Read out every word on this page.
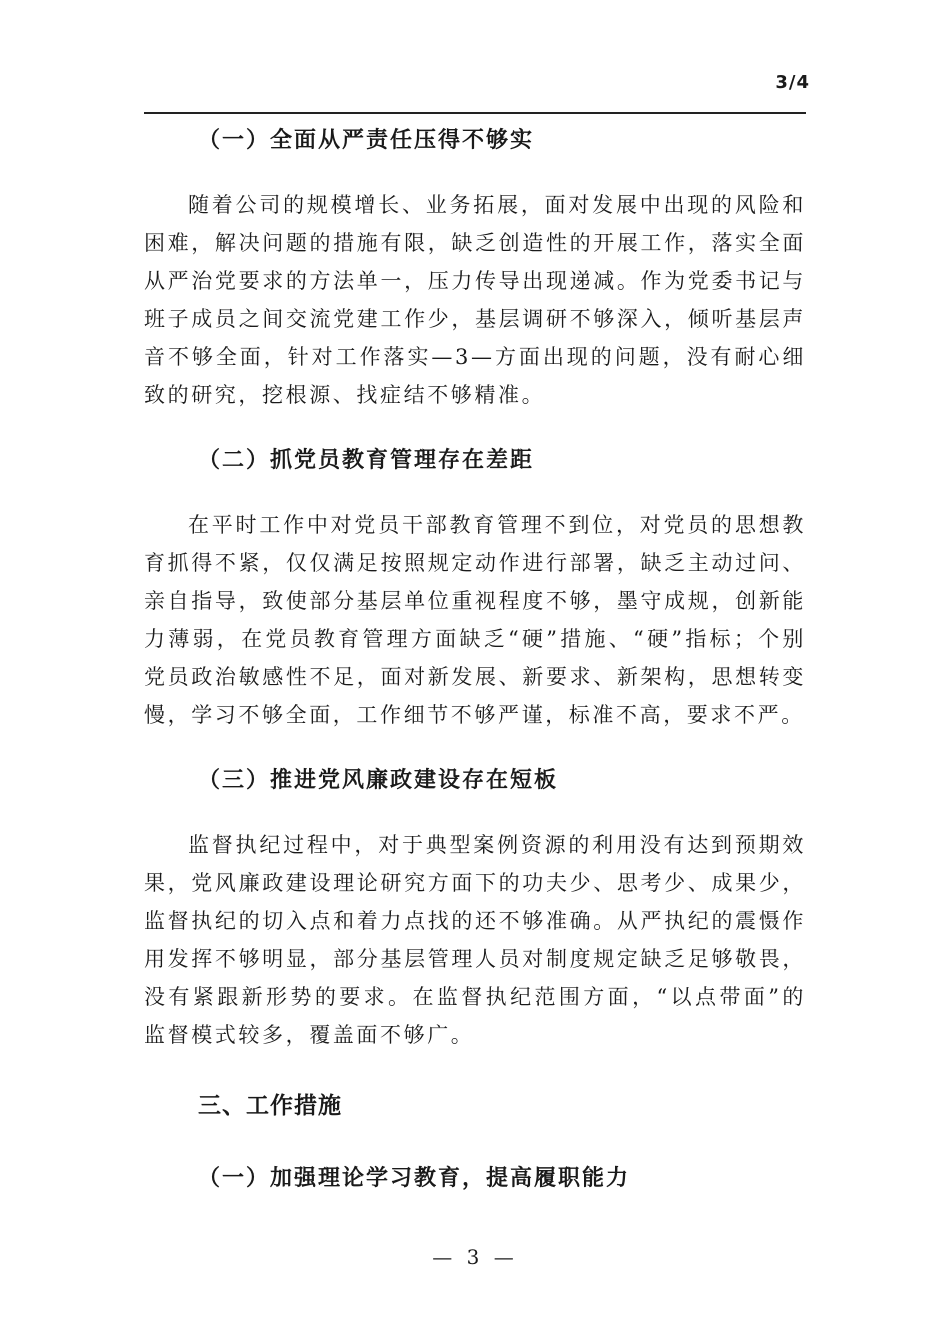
3/4
（一）全面从严责任压得不够实

随着公司的规模增长、业务拓展，面对发展中出现的风险和困难，解决问题的措施有限，缺乏创造性的开展工作，落实全面从严治党要求的方法单一，压力传导出现递减。作为党委书记与班子成员之间交流党建工作少，基层调研不够深入，倾听基层声音不够全面，针对工作落实—3—方面出现的问题，没有耐心细致的研究，挖根源、找症结不够精准。

（二）抓党员教育管理存在差距

在平时工作中对党员干部教育管理不到位，对党员的思想教育抓得不紧，仅仅满足按照规定动作进行部署，缺乏主动过问、亲自指导，致使部分基层单位重视程度不够，墨守成规，创新能力薄弱，在党员教育管理方面缺乏“硬”措施、“硬”指标；个别党员政治敏感性不足，面对新发展、新要求、新架构，思想转变慢，学习不够全面，工作细节不够严谨，标准不高，要求不严。

（三）推进党风廉政建设存在短板

监督执纪过程中，对于典型案例资源的利用没有达到预期效果，党风廉政建设理论研究方面下的功夫少、思考少、成果少，监督执纪的切入点和着力点找的还不够准确。从严执纪的震慑作用发挥不够明显，部分基层管理人员对制度规定缺乏足够敬畏，没有紧跟新形势的要求。在监督执纪范围方面，“以点带面”的监督模式较多，覆盖面不够广。

三、工作措施
（一）加强理论学习教育，提高履职能力
— 3 —
